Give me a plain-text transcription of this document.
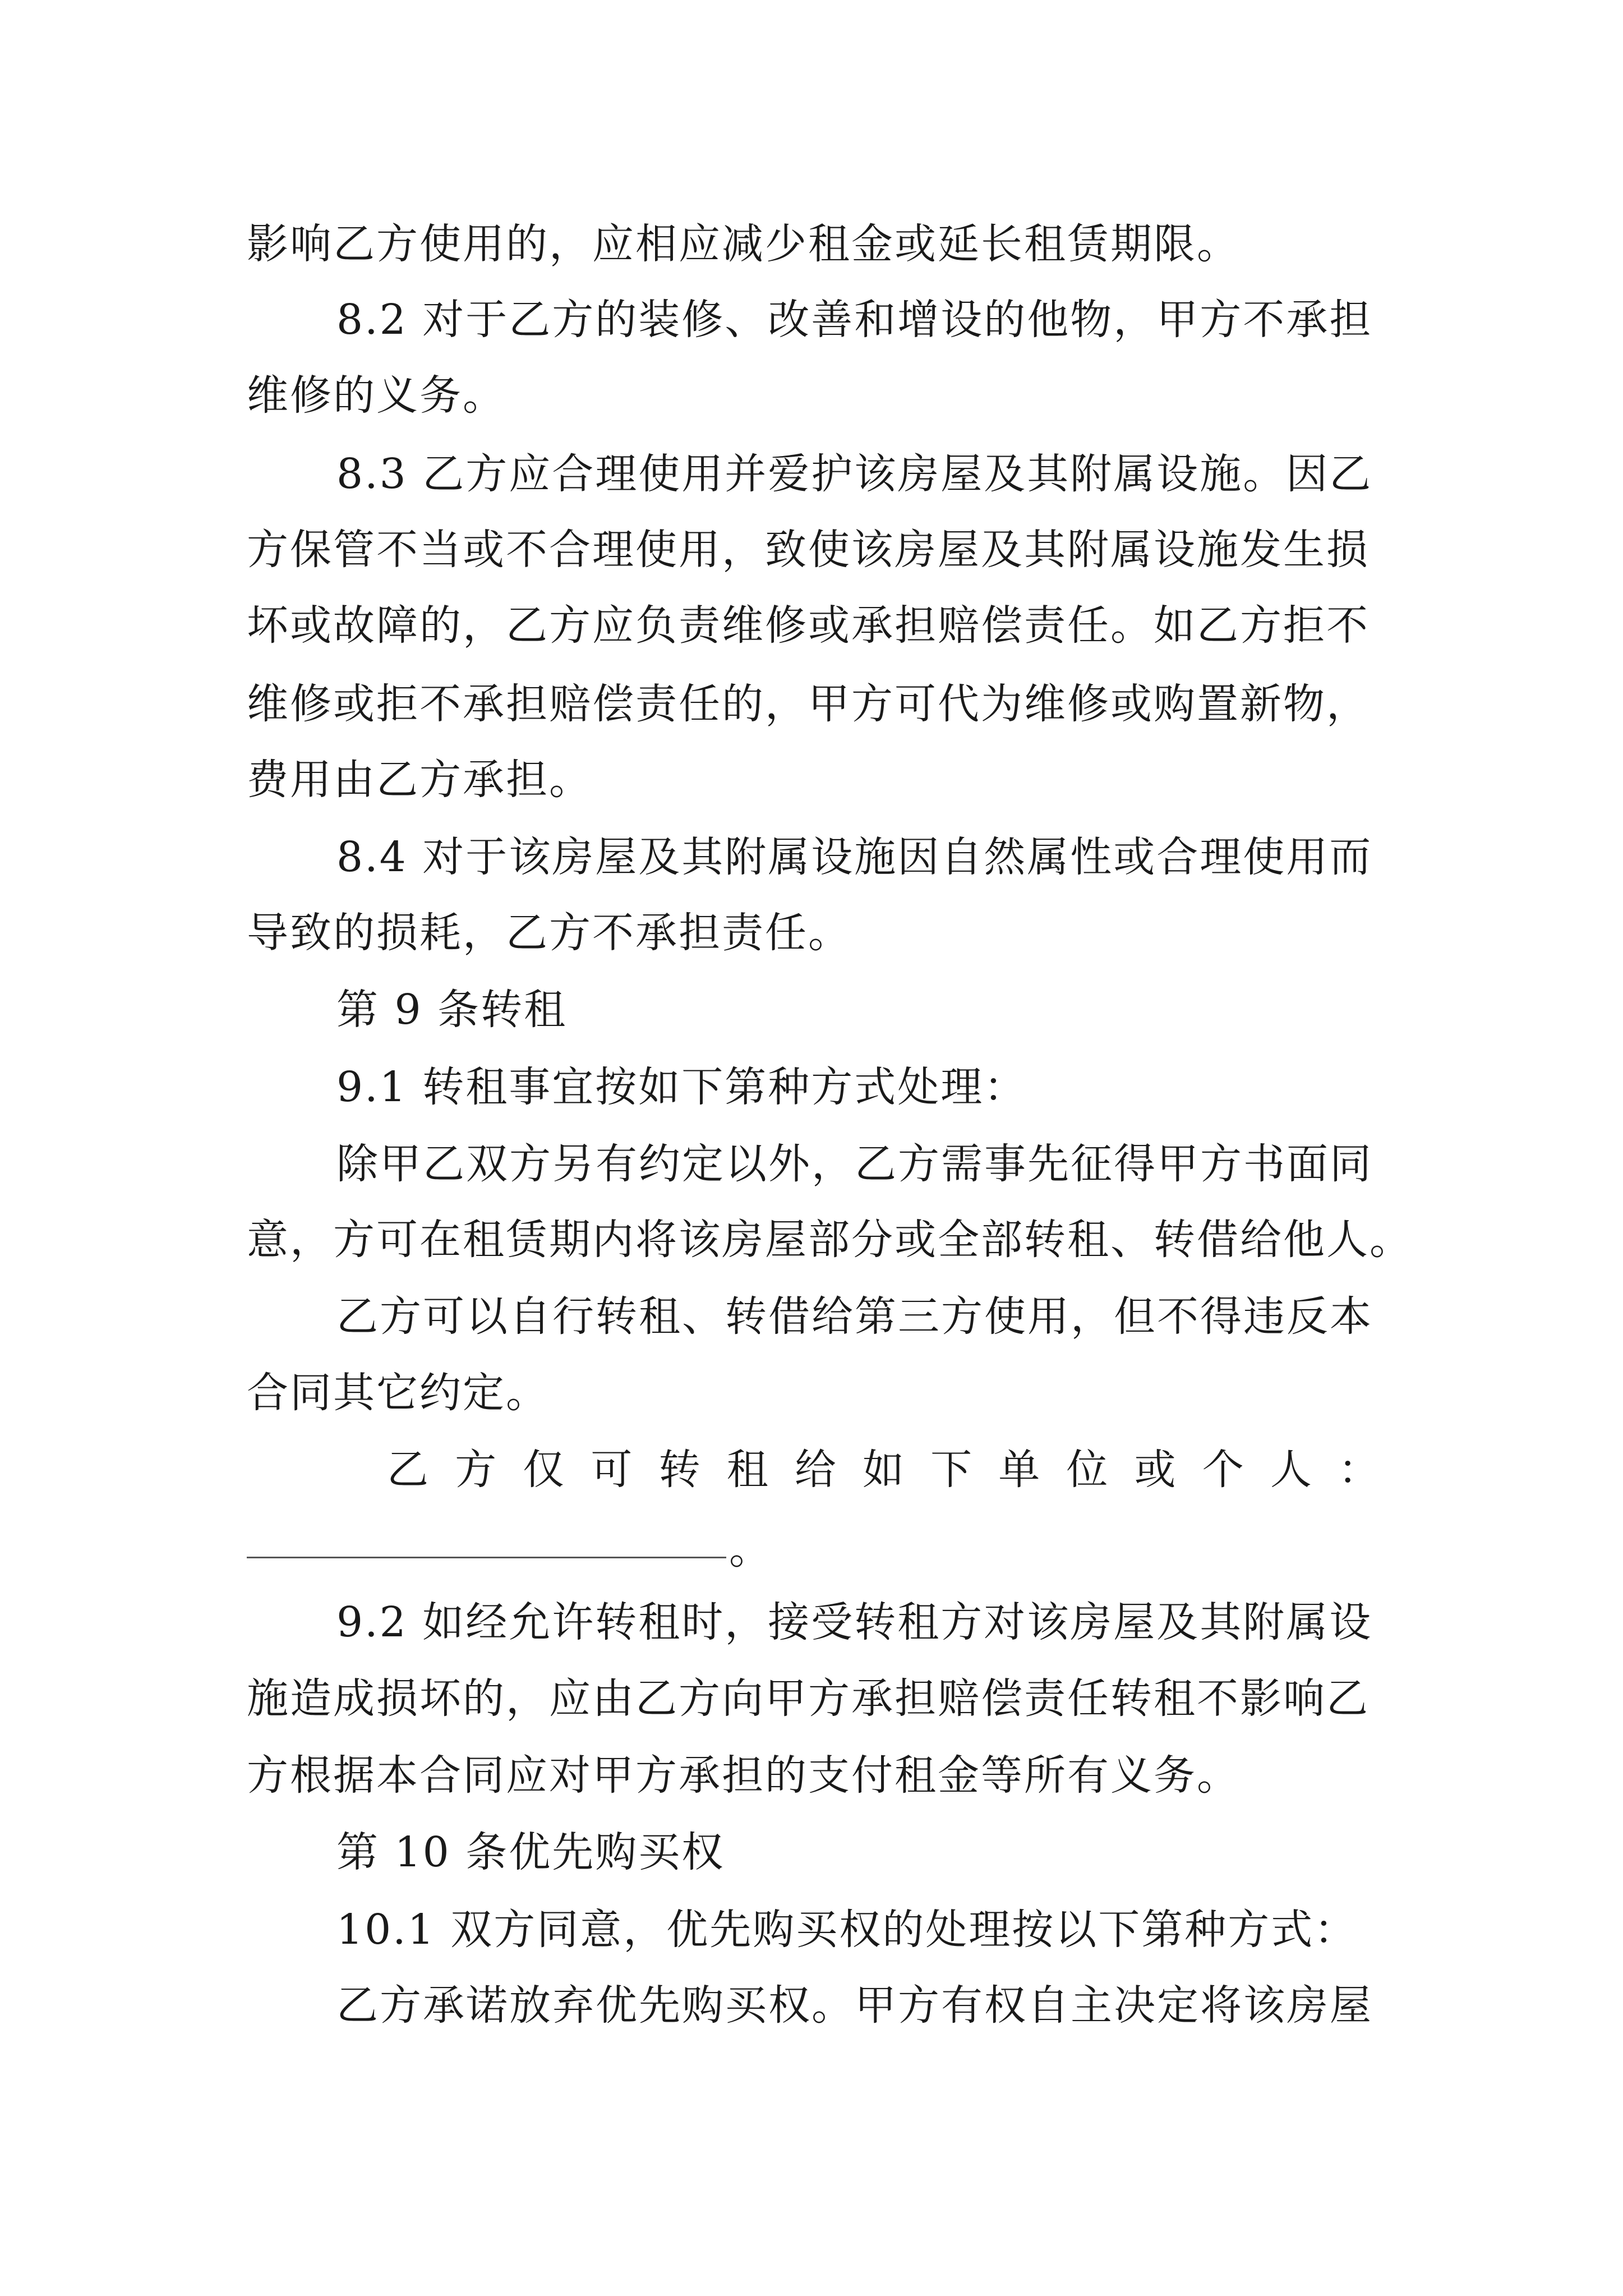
影响乙方使用的，应相应减少租金或延长租赁期限。
8.2 对于乙方的装修、改善和增设的他物，甲方不承担
维修的义务。
8.3 乙方应合理使用并爱护该房屋及其附属设施。因乙
方保管不当或不合理使用，致使该房屋及其附属设施发生损
坏或故障的，乙方应负责维修或承担赔偿责任。如乙方拒不
维修或拒不承担赔偿责任的，甲方可代为维修或购置新物，
费用由乙方承担。
8.4 对于该房屋及其附属设施因自然属性或合理使用而
导致的损耗，乙方不承担责任。
第 9 条转租
9.1 转租事宜按如下第种方式处理：
除甲乙双方另有约定以外，乙方需事先征得甲方书面同
意，方可在租赁期内将该房屋部分或全部转租、转借给他人。
乙方可以自行转租、转借给第三方使用，但不得违反本
合同其它约定。
乙 方 仅 可 转 租 给 如 下 单 位 或 个 人 ：
。
9.2 如经允许转租时，接受转租方对该房屋及其附属设
施造成损坏的，应由乙方向甲方承担赔偿责任转租不影响乙
方根据本合同应对甲方承担的支付租金等所有义务。
第 10 条优先购买权
10.1 双方同意，优先购买权的处理按以下第种方式：
乙方承诺放弃优先购买权。甲方有权自主决定将该房屋
